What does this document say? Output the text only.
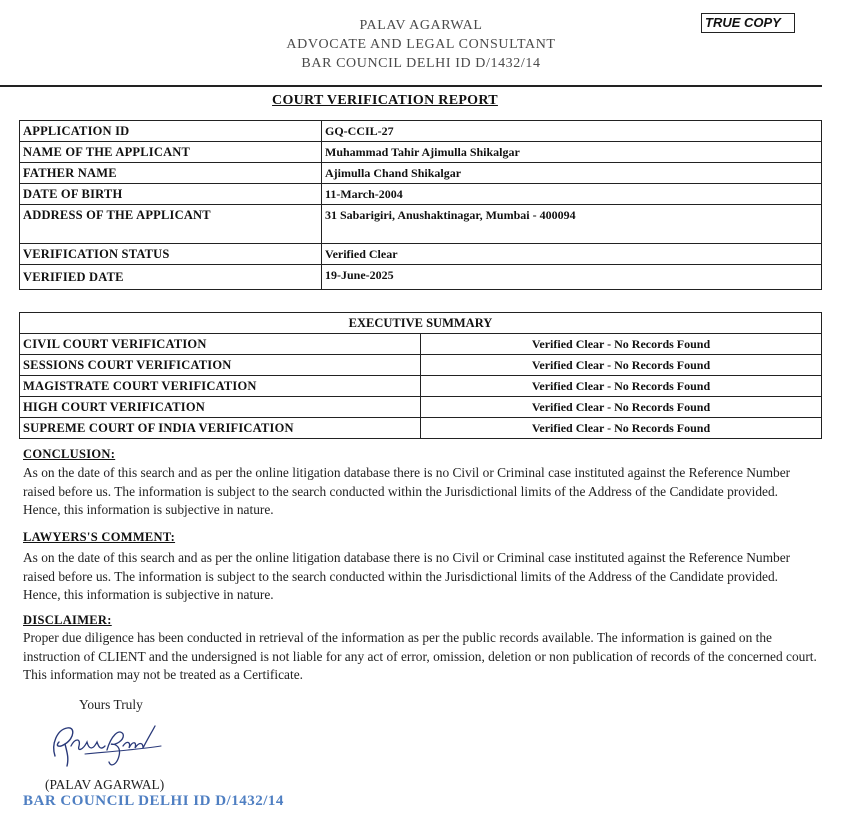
PALAV AGARWAL
ADVOCATE AND LEGAL CONSULTANT
BAR COUNCIL DELHI ID D/1432/14
TRUE COPY
COURT VERIFICATION REPORT
APPLICATION ID	GQ-CCIL-27
NAME OF THE APPLICANT	Muhammad Tahir Ajimulla Shikalgar
FATHER NAME	Ajimulla Chand Shikalgar
DATE OF BIRTH	11-March-2004
ADDRESS OF THE APPLICANT	31 Sabarigiri, Anushaktinagar, Mumbai - 400094
VERIFICATION STATUS	Verified Clear
VERIFIED DATE	19-June-2025
EXECUTIVE SUMMARY	
CIVIL COURT VERIFICATION	Verified Clear - No Records Found
SESSIONS COURT VERIFICATION	Verified Clear - No Records Found
MAGISTRATE COURT VERIFICATION	Verified Clear - No Records Found
HIGH COURT VERIFICATION	Verified Clear - No Records Found
SUPREME COURT OF INDIA VERIFICATION	Verified Clear - No Records Found
CONCLUSION:
As on the date of this search and as per the online litigation database there is no Civil or Criminal case instituted against the Reference Number raised before us. The information is subject to the search conducted within the Jurisdictional limits of the Address of the Candidate provided. Hence, this information is subjective in nature.
LAWYERS'S COMMENT:
As on the date of this search and as per the online litigation database there is no Civil or Criminal case instituted against the Reference Number raised before us. The information is subject to the search conducted within the Jurisdictional limits of the Address of the Candidate provided. Hence, this information is subjective in nature.
DISCLAIMER:
Proper due diligence has been conducted in retrieval of the information as per the public records available. The information is gained on the instruction of CLIENT and the undersigned is not liable for any act of error, omission, deletion or non publication of records of the concerned court. This information may not be treated as a Certificate.
Yours Truly
(PALAV AGARWAL)
BAR COUNCIL DELHI ID D/1432/14
